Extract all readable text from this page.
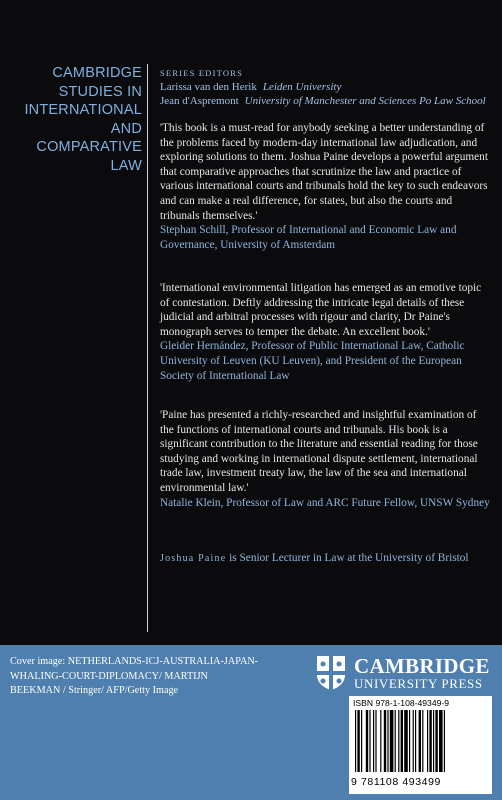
CAMBRIDGE
STUDIES IN
INTERNATIONAL
AND
COMPARATIVE
LAW
SERIES EDITORS
Larissa van den Herik Leiden University
Jean d'Aspremont University of Manchester and Sciences Po Law School
'This book is a must-read for anybody seeking a better understanding of the problems faced by modern-day international law adjudication, and exploring solutions to them. Joshua Paine develops a powerful argument that comparative approaches that scrutinize the law and practice of various international courts and tribunals hold the key to such endeavors and can make a real difference, for states, but also the courts and tribunals themselves.'
Stephan Schill, Professor of International and Economic Law and Governance, University of Amsterdam
'International environmental litigation has emerged as an emotive topic of contestation. Deftly addressing the intricate legal details of these judicial and arbitral processes with rigour and clarity, Dr Paine's monograph serves to temper the debate. An excellent book.'
Gleider Hernández, Professor of Public International Law, Catholic University of Leuven (KU Leuven), and President of the European Society of International Law
'Paine has presented a richly-researched and insightful examination of the functions of international courts and tribunals. His book is a significant contribution to the literature and essential reading for those studying and working in international dispute settlement, international trade law, investment treaty law, the law of the sea and international environmental law.'
Natalie Klein, Professor of Law and ARC Future Fellow, UNSW Sydney
Joshua Paine is Senior Lecturer in Law at the University of Bristol
Cover image: NETHERLANDS-ICJ-AUSTRALIA-JAPAN-WHALING-COURT-DIPLOMACY/ MARTIJN BEEKMAN / Stringer/ AFP/Getty Image
CAMBRIDGE
UNIVERSITY PRESS
ISBN 978-1-108-49349-9
9 781108 493499
